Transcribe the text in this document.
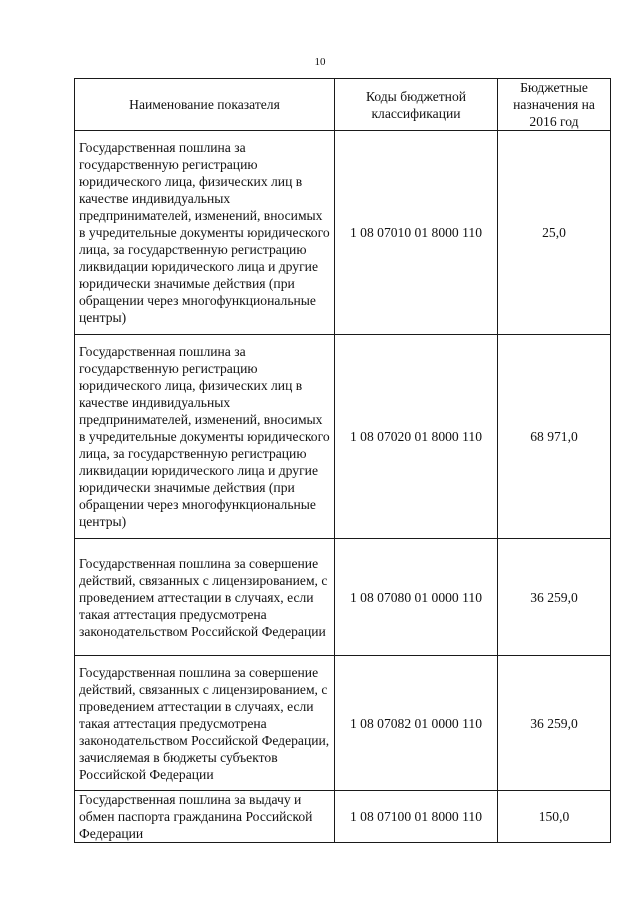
10
Наименование показателя	Коды бюджетной классификации	Бюджетные назначения на 2016 год
Государственная пошлина за государственную регистрацию юридического лица, физических лиц в качестве индивидуальных предпринимателей, изменений, вносимых в учредительные документы юридического лица, за государственную регистрацию ликвидации юридического лица и другие юридически значимые действия (при обращении через многофункциональные центры)	1 08 07010 01 8000 110	25,0
Государственная пошлина за государственную регистрацию юридического лица, физических лиц в качестве индивидуальных предпринимателей, изменений, вносимых в учредительные документы юридического лица, за государственную регистрацию ликвидации юридического лица и другие юридически значимые действия (при обращении через многофункциональные центры)	1 08 07020 01 8000 110	68 971,0
Государственная пошлина за совершение действий, связанных с лицензированием, с проведением аттестации в случаях, если такая аттестация предусмотрена законодательством Российской Федерации	1 08 07080 01 0000 110	36 259,0
Государственная пошлина за совершение действий, связанных с лицензированием, с проведением аттестации в случаях, если такая аттестация предусмотрена законодательством Российской Федерации, зачисляемая в бюджеты субъектов Российской Федерации	1 08 07082 01 0000 110	36 259,0
Государственная пошлина за выдачу и обмен паспорта гражданина Российской Федерации	1 08 07100 01 8000 110	150,0
